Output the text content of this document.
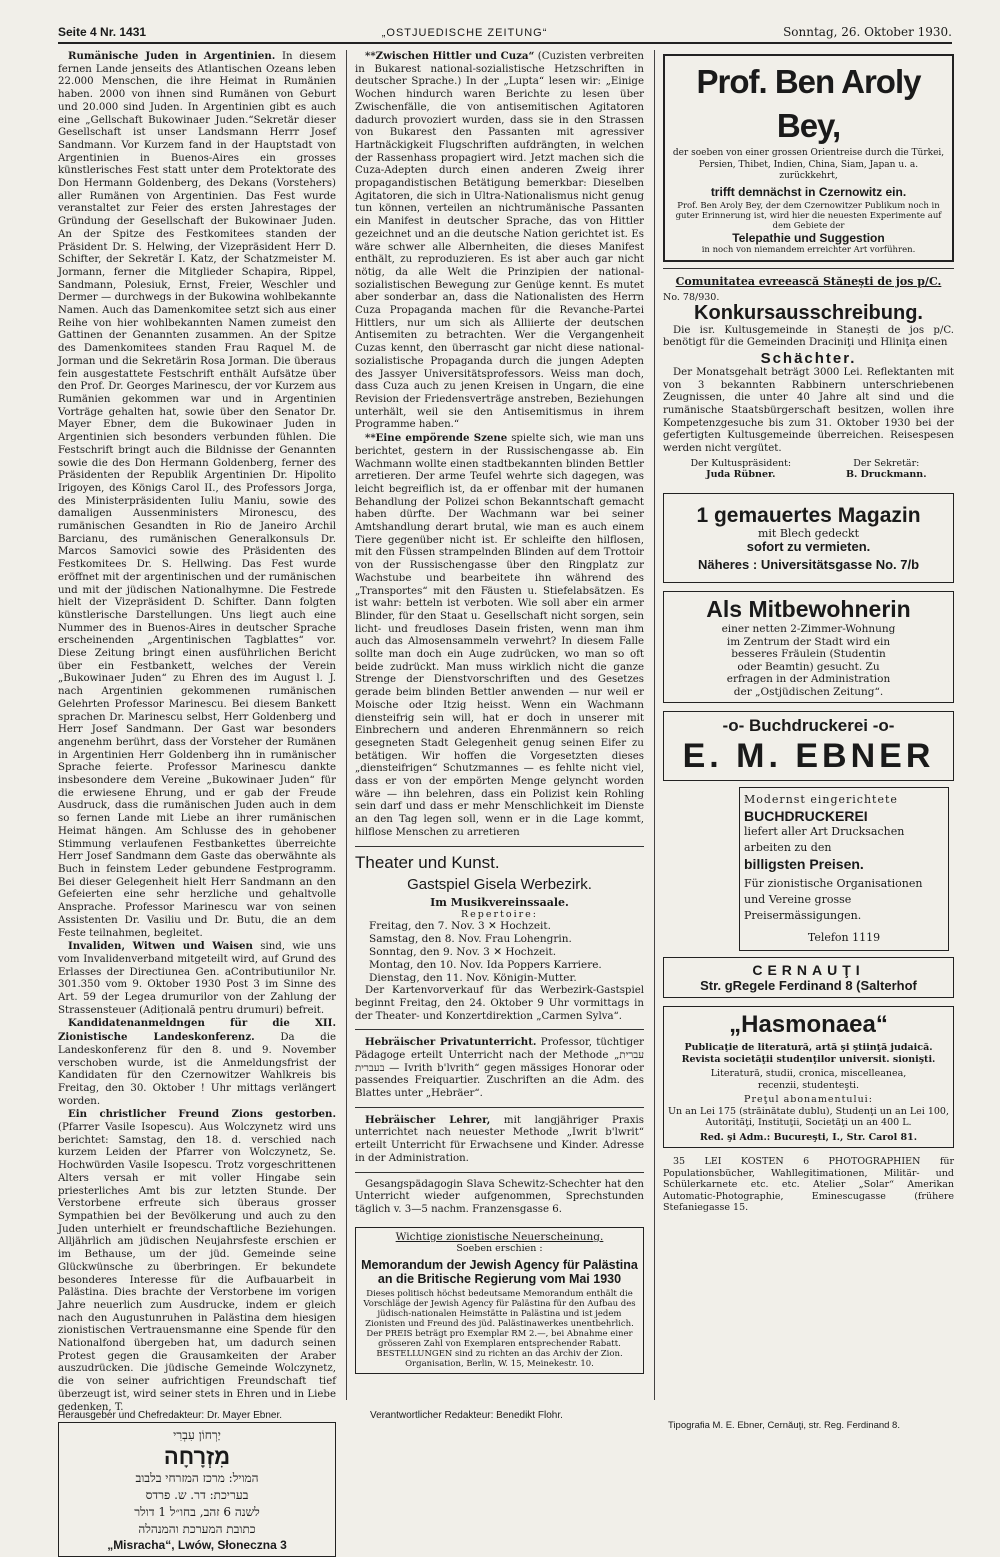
Seite 4 Nr. 1431	„OSTJUEDISCHE ZEITUNG“	Sonntag, 26. Oktober 1930.

Rumänische Juden in Argentinien. In diesem fernen Lande jenseits des Atlantischen Ozeans leben 22.000 Menschen, die ihre Heimat in Rumänien haben. 2000 von ihnen sind Rumänen von Geburt und 20.000 sind Juden. In Argentinien gibt es auch eine „Gellschaft Bukowinaer Juden.“Sekretär dieser Gesellschaft ist unser Landsmann Herrr Josef Sandmann. Vor Kurzem fand in der Hauptstadt von Argentinien in Buenos-Aires ein grosses künstlerisches Fest statt unter dem Protektorate des Don Hermann Goldenberg, des Dekans (Vorstehers) aller Rumänen von Argentinien. Das Fest wurde veranstaltet zur Feier des ersten Jahrestages der Gründung der Gesellschaft der Bukowinaer Juden. An der Spitze des Festkomitees standen der Präsident Dr. S. Helwing, der Vizepräsident Herr D. Schifter, der Sekretär I. Katz, der Schatzmeister M. Jormann, ferner die Mitglieder Schapira, Rippel, Sandmann, Polesiuk, Ernst, Freier, Weschler und Dermer — durchwegs in der Bukowina wohlbekannte Namen. Auch das Damenkomitee setzt sich aus einer Reihe von hier wohlbekannten Namen zumeist den Gattinen der Genannten zusammen. An der Spitze des Damenkomitees standen Frau Raquel M. de Jorman und die Sekretärin Rosa Jorman. Die überaus fein ausgestattete Festschrift enthält Aufsätze über den Prof. Dr. Georges Marinescu, der vor Kurzem aus Rumänien gekommen war und in Argentinien Vorträge gehalten hat, sowie über den Senator Dr. Mayer Ebner, dem die Bukowinaer Juden in Argentinien sich besonders verbunden fühlen. Die Festschrift bringt auch die Bildnisse der Genannten sowie die des Don Hermann Goldenberg, ferner des Präsidenten der Republik Argentinien Dr. Hipolito Irigoyen, des Königs Carol II., des Professors Jorga, des Ministerpräsidenten Iuliu Maniu, sowie des damaligen Aussenministers Mironescu, des rumänischen Gesandten in Rio de Janeiro Archil Barcianu, des rumänischen Generalkonsuls Dr. Marcos Samovici sowie des Präsidenten des Festkomitees Dr. S. Hellwing. Das Fest wurde eröffnet mit der argentinischen und der rumänischen und mit der jüdischen Nationalhymne. Die Festrede hielt der Vizepräsident D. Schifter. Dann folgten künstlerische Darstellungen. Uns liegt auch eine Nummer des in Buenos-Aires in deutscher Sprache erscheinenden „Argentinischen Tagblattes“ vor. Diese Zeitung bringt einen ausführlichen Bericht über ein Festbankett, welches der Verein „Bukowinaer Juden“ zu Ehren des im August l. J. nach Argentinien gekommenen rumänischen Gelehrten Professor Marinescu. Bei diesem Bankett sprachen Dr. Marinescu selbst, Herr Goldenberg und Herr Josef Sandmann. Der Gast war besonders angenehm berührt, dass der Vorsteher der Rumänen in Argentinien Herr Goldenberg ihn in rumänischer Sprache feierte. Professor Marinescu dankte insbesondere dem Vereine „Bukowinaer Juden“ für die erwiesene Ehrung, und er gab der Freude Ausdruck, dass die rumänischen Juden auch in dem so fernen Lande mit Liebe an ihrer rumänischen Heimat hängen. Am Schlusse des in gehobener Stimmung verlaufenen Festbankettes überreichte Herr Josef Sandmann dem Gaste das oberwähnte als Buch in feinstem Leder gebundene Festprogramm. Bei dieser Gelegenheit hielt Herr Sandmann an den Gefeierten eine sehr herzliche und gehaltvolle Ansprache. Professor Marinescu war von seinen Assistenten Dr. Vasiliu und Dr. Butu, die an dem Feste teilnahmen, begleitet.

Invaliden, Witwen und Waisen sind, wie uns vom Invalidenverband mitgeteilt wird, auf Grund des Erlasses der Directiunea Gen. aContributiunilor Nr. 301.350 vom 9. Oktober 1930 Post 3 im Sinne des Art. 59 der Legea drumurilor von der Zahlung der Strassensteuer (Adițională pentru drumuri) befreit.

Kandidatenanmeldngen für die XII. Zionistische Landeskonferenz.	Da die Landeskonferenz für den 8. und 9. November verschoben wurde, ist die Anmeldungsfrist der Kandidaten für den Czernowitzer Wahlkreis bis Freitag, den 30. Oktober ! Uhr mittags verlängert worden.

Ein christlicher Freund Zions gestorben. (Pfarrer Vasile Isopescu). Aus Wolczynetz wird uns berichtet: Samstag, den 18. d. verschied nach kurzem Leiden der Pfarrer von Wolczynetz, Se. Hochwürden Vasile Isopescu. Trotz vorgeschrittenen Alters versah er mit voller Hingabe sein priesterliches Amt bis zur letzten Stunde. Der Verstorbene erfreute sich überaus grosser Sympathien bei der Bevölkerung und auch zu den Juden unterhielt er freundschaftliche Beziehungen. Alljährlich am jüdischen Neujahrsfeste erschien er im Bethause, um der jüd. Gemeinde seine Glückwünsche zu überbringen. Er bekundete besonderes Interesse für die Aufbauarbeit in Palästina. Dies brachte der Verstorbene im vorigen Jahre neuerlich zum Ausdrucke, indem er gleich nach den Augustunruhen in Palästina dem hiesigen zionistischen Vertrauensmanne eine Spende für den Nationalfond übergeben hat, um dadurch seinen Protest gegen die Grausamkeiten der Araber auszudrücken. Die jüdische Gemeinde Wolczynetz, die von seiner aufrichtigen Freundschaft tief überzeugt ist, wird seiner stets in Ehren und in Liebe gedenken, T.

יַרְחוֹן עִבְרִי
מִזְרָחָה
המויל: מרכז המזרחי בלבוב
בעריכת: דר. ש. פרדס
לשנה 6 זהב, בחו״ל 1 דולר
כתובת המערכת והמנהלה
„Misracha“, Lwów, Słoneczna 3

**Zwischen Hittler und Cuza“ (Cuzisten verbreiten in Bukarest national-sozialistische Hetzschriften in deutscher Sprache.) In der „Lupta“ lesen wir: „Einige Wochen hindurch waren Berichte zu lesen über Zwischenfälle, die von antisemitischen Agitatoren dadurch provoziert wurden, dass sie in den Strassen von Bukarest den Passanten mit agressiver Hartnäckigkeit Flugschriften aufdrängten, in welchen der Rassenhass propagiert wird. Jetzt machen sich die Cuza-Adepten durch einen anderen Zweig ihrer propagandistischen Betätigung bemerkbar: Dieselben Agitatoren, die sich in Ultra-Nationalismus nicht genug tun können, verteilen an nichtrumänische Passanten ein Manifest in deutscher Sprache, das von Hittler gezeichnet und an die deutsche Nation gerichtet ist. Es wäre schwer alle Albernheiten, die dieses Manifest enthält, zu reproduzieren. Es ist aber auch gar nicht nötig, da alle Welt die Prinzipien der national-sozialistischen Bewegung zur Genüge kennt. Es mutet aber sonderbar an, dass die Nationalisten des Herrn Cuza Propaganda machen für die Revanche-Partei Hittlers, nur um sich als Alliierte der deutschen Antisemiten zu betrachten. Wer die Vergangenheit Cuzas kennt, den überrascht gar nicht diese national-sozialistische Propaganda durch die jungen Adepten des Jassyer Universitätsprofessors. Weiss man doch, dass Cuza auch zu jenen Kreisen in Ungarn, die eine Revision der Friedensverträge anstreben, Beziehungen unterhält, weil sie den Antisemitismus in ihrem Programme haben.“

**Eine empörende Szene spielte sich, wie man uns berichtet, gestern in der Russischengasse ab. Ein Wachmann wollte einen stadtbekannten blinden Bettler arretieren. Der arme Teufel wehrte sich dagegen, was leicht begreiflich ist, da er offenbar mit der humanen Behandlung der Polizei schon Bekanntschaft gemacht haben dürfte. Der Wachmann war bei seiner Amtshandlung derart brutal, wie man es auch einem Tiere gegenüber nicht ist. Er schleifte den hilflosen, mit den Füssen strampelnden Blinden auf dem Trottoir von der Russischengasse über den Ringplatz zur Wachstube und bearbeitete ihn während des „Transportes“ mit den Fäusten u. Stiefelabsätzen. Es ist wahr: betteln ist verboten. Wie soll aber ein armer Blinder, für den Staat u. Gesellschaft nicht sorgen, sein licht- und freudloses Dasein fristen, wenn man ihm auch das Almosensammeln verwehrt? In diesem Falle sollte man doch ein Auge zudrücken, wo man so oft beide zudrückt. Man muss wirklich nicht die ganze Strenge der Dienstvorschriften und des Gesetzes gerade beim blinden Bettler anwenden — nur weil er Moische oder Itzig heisst. Wenn ein Wachmann diensteifrig sein will, hat er doch in unserer mit Einbrechern und anderen Ehrenmännern so reich gesegneten Stadt Gelegenheit genug seinen Eifer zu betätigen. Wir hoffen die Vorgesetzten dieses „diensteifrigen“ Schutzmannes — es fehlte nicht viel, dass er von der empörten Menge gelyncht worden wäre — ihn belehren, dass ein Polizist kein Rohling sein darf und dass er mehr Menschlichkeit im Dienste an den Tag legen soll, wenn er in die Lage kommt, hilflose Menschen zu arretieren

Theater und Kunst.
Gastspiel Gisela Werbezirk.
Im Musikvereinssaale.
Repertoire:
Freitag, den 7. Nov. 3 ✕ Hochzeit.
Samstag, den 8. Nov. Frau Lohengrin.
Sonntag, den 9. Nov. 3 ✕ Hochzeit.
Montag, den 10. Nov. Ida Poppers Karriere.
Dienstag, den 11. Nov. Königin-Mutter.

Der Kartenvorverkauf für das Werbezirk-Gastspiel beginnt Freitag, den 24. Oktober 9 Uhr vormittags in der Theater- und Konzertdirektion „Carmen Sylva“.

Hebräischer Privatunterricht. Professor, tüchtiger Pädagoge erteilt Unterricht nach der Methode „עברית בעברית — Ivrith b'lvrith“ gegen mässiges Honorar oder passendes Freiquartier. Zuschriften an die Adm. des Blattes unter „Hebräer“.

Hebräischer Lehrer, mit langjähriger Praxis unterrichtet nach neuester Methode „Iwrit b'lwrit“ erteilt Unterricht für Erwachsene und Kinder. Adresse in der Administration.

Gesangspädagogin Slava Schewitz-Schechter hat den Unterricht wieder aufgenommen, Sprechstunden täglich v. 3—5 nachm. Franzensgasse 6.

Wichtige zionistische Neuerscheinung.
Soeben erschien :
Memorandum der Jewish Agency für Palästina
an die Britische Regierung vom Mai 1930
Dieses politisch höchst bedeutsame Memorandum enthält die Vorschläge der Jewish Agency für Palästina für den Aufbau des jüdisch-nationalen Heimstätte in Palästina und ist jedem Zionisten und Freund des jüd. Palästinawerkes unentbehrlich. Der PREIS beträgt pro Exemplar RM 2.—, bei Abnahme einer grösseren Zahl von Exemplaren entsprechender Rabatt. BESTELLUNGEN sind zu richten an das Archiv der Zion. Organisation, Berlin, W. 15, Meinekestr. 10.
Prof. Ben Aroly Bey,
der soeben von einer grossen Orientreise durch die Türkei, Persien, Thibet, Indien, China, Siam, Japan u. a. zurückkehrt,
trifft demnächst in Czernowitz ein.
Prof. Ben Aroly Bey, der dem Czernowitzer Publikum noch in guter Erinnerung ist, wird hier die neuesten Experimente auf dem Gebiete der
Telepathie und Suggestion
in noch von niemandem erreichter Art vorführen.
Comunitatea evreească Stăneşti de jos p/C.
No. 78/930.
Konkursausschreibung.

Die isr. Kultusgemeinde in Stanești de jos p/C. benötigt für die Gemeinden Draciniţi und Hliniţa einen

Schächter.

Der Monatsgehalt beträgt 3000 Lei. Reflektanten mit von 3 bekannten Rabbinern unterschriebenen Zeugnissen, die unter 40 Jahre alt sind und die rumänische Staatsbürgerschaft besitzen, wollen ihre Kompetenzgesuche bis zum 31. Oktober 1930 bei der gefertigten Kultusgemeinde überreichen. Reisespesen werden nicht vergütet.

Der Kultuspräsident:
Juda Rübner.
Der Sekretär:
B. Druckmann.
1 gemauertes Magazin
mit Blech gedeckt
sofort zu vermieten.
Näheres : Universitätsgasse No. 7/b
Als Mitbewohnerin
einer netten 2-Zimmer-Wohnung im Zentrum der Stadt wird ein besseres Fräulein (Studentin oder Beamtin) gesucht. Zu erfragen in der Administration der „Ostjüdischen Zeitung“.
-o- Buchdruckerei -o-
E. M. EBNER
Modernst eingerichtete
BUCHDRUCKEREI
liefert aller Art Drucksachen
arbeiten zu den
billigsten Preisen.
Für zionistische Organisationen und Vereine grosse Preisermässigungen.
Telefon 1119
CERNAUŢI
Str. gRegele Ferdinand 8 (Salterhof
„Hasmonaea“
Publicaţie de literatură, artă şi ştiinţă judaică.
Revista societăţii studenţilor universit. sionişti.
Literatură, studii, cronica, miscelleanea, recenzii, studenteşti.
Preţul abonamentului:
Un an Lei 175 (străinătate dublu), Studenţi un an Lei 100, Autorităţi, Instituţii, Societăţi un an 400 L.
Red. şi Adm.: Bucureşti, I., Str. Carol 81.

35 LEI KOSTEN 6 PHOTOGRAPHIEN für Populationsbücher, Wahllegitimationen, Militär- und Schülerkarnete etc. etc. Atelier „Solar“ Amerikan Automatic-Photographie, Eminescugasse (frühere Stefaniegasse 15.

Herausgeber und Chefredakteur: Dr. Mayer Ebner.	Verantwortlicher Redakteur: Benedikt Flohr.
Tipografia M. E. Ebner, Cernăuţi, str. Reg. Ferdinand 8.
